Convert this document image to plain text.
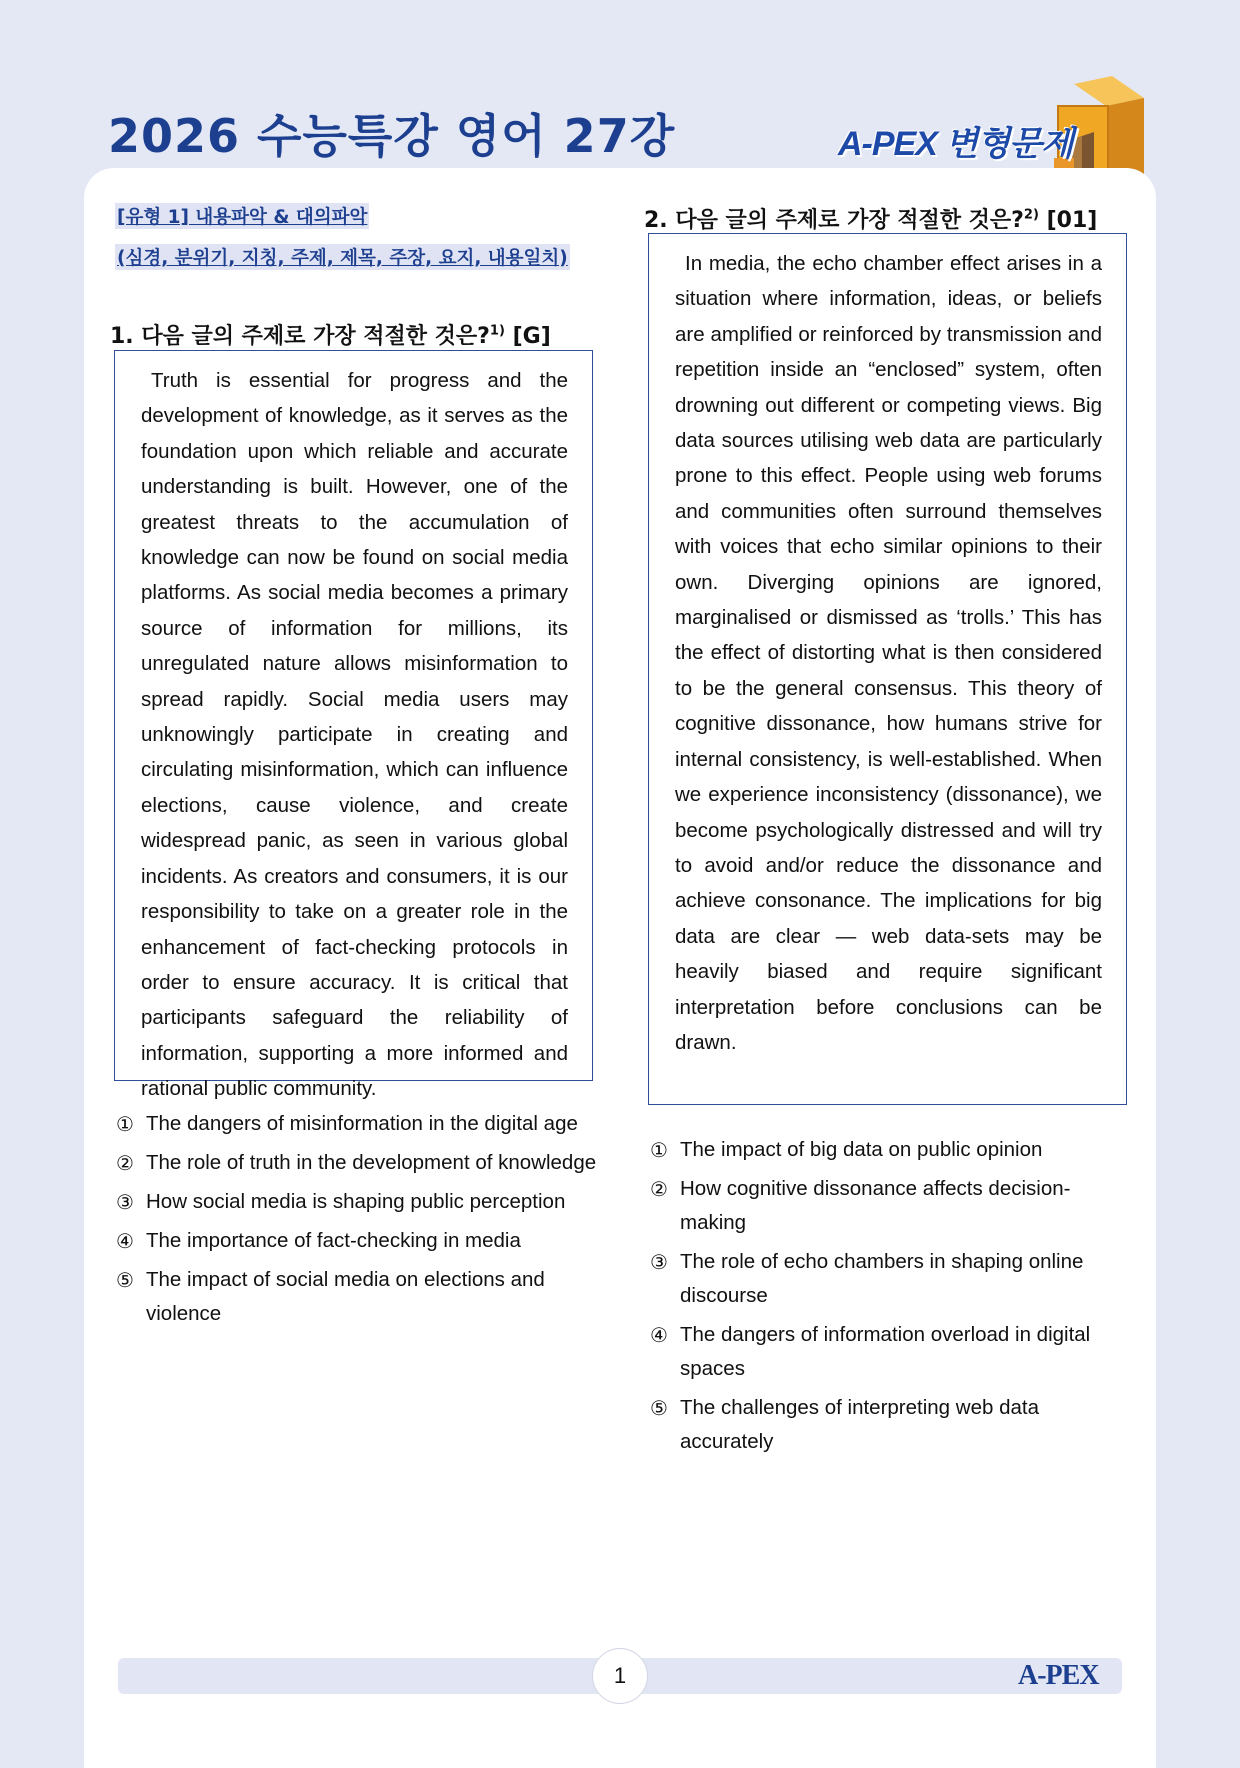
2026 수능특강 영어 27강	A-PEX 변형문제
[유형 1] 내용파악 & 대의파악
(심경, 분위기, 지칭, 주제, 제목, 주장, 요지, 내용일치)
1. 다음 글의 주제로 가장 적절한 것은?$^{1)}$ [G]

Truth is essential for progress and the development of knowledge, as it serves as the foundation upon which reliable and accurate understanding is built. However, one of the greatest threats to the accumulation of knowledge can now be found on social media platforms. As social media becomes a primary source of information for millions, its unregulated nature allows misinformation to spread rapidly. Social media users may unknowingly participate in creating and circulating misinformation, which can influence elections, cause violence, and create widespread panic, as seen in various global incidents. As creators and consumers, it is our responsibility to take on a greater role in the enhancement of fact-checking protocols in order to ensure accuracy. It is critical that participants safeguard the reliability of information, supporting a more informed and rational public community.

① The dangers of misinformation in the digital age
② The role of truth in the development of knowledge
③ How social media is shaping public perception
④ The importance of fact-checking in media
⑤ The impact of social media on elections and violence
2. 다음 글의 주제로 가장 적절한 것은?$^{2)}$ [01]

In media, the echo chamber effect arises in a situation where information, ideas, or beliefs are amplified or reinforced by transmission and repetition inside an “enclosed” system, often drowning out different or competing views. Big data sources utilising web data are particularly prone to this effect. People using web forums and communities often surround themselves with voices that echo similar opinions to their own. Diverging opinions are ignored, marginalised or dismissed as ‘trolls.’ This has the effect of distorting what is then considered to be the general consensus. This theory of cognitive dissonance, how humans strive for internal consistency, is well-established. When we experience inconsistency (dissonance), we become psychologically distressed and will try to avoid and/or reduce the dissonance and achieve consonance. The implications for big data are clear — web data-sets may be heavily biased and require significant interpretation before conclusions can be drawn.

① The impact of big data on public opinion
② How cognitive dissonance affects decision-making
③ The role of echo chambers in shaping online discourse
④ The dangers of information overload in digital spaces
⑤ The challenges of interpreting web data accurately
1	A-PEX
